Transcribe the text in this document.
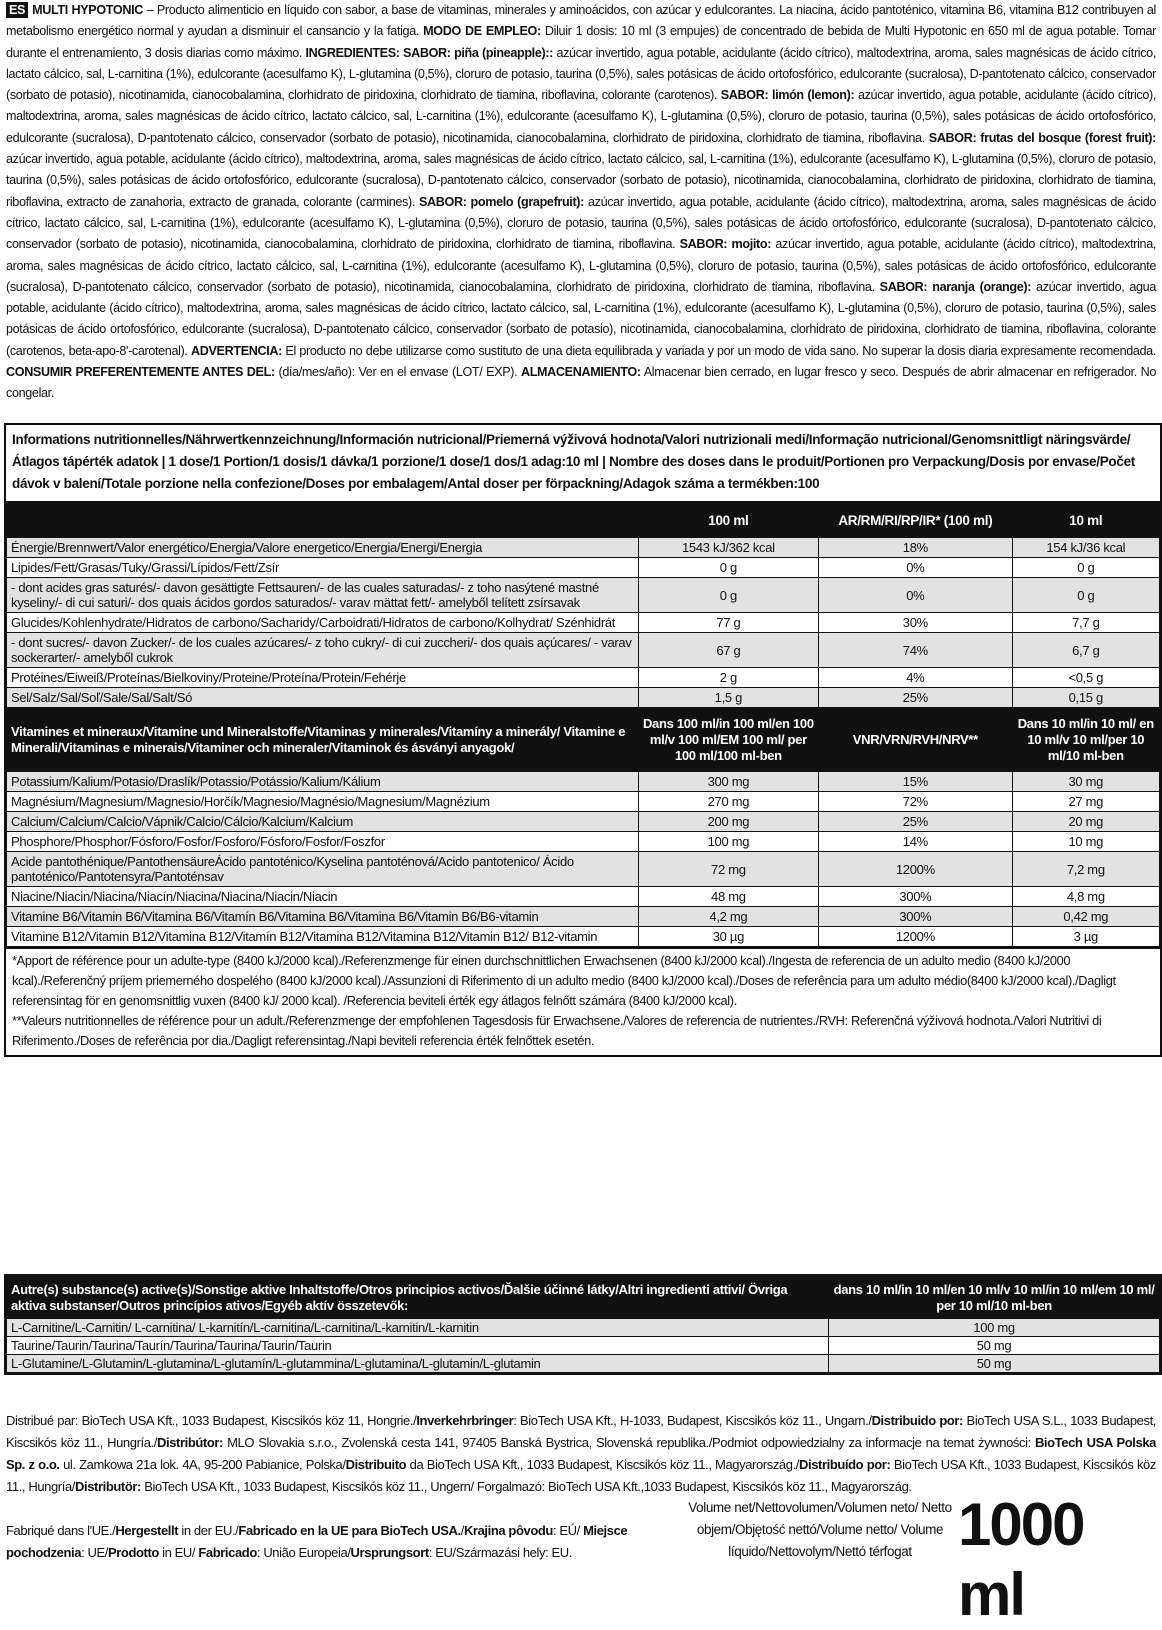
ES MULTI HYPOTONIC – Producto alimenticio en líquido con sabor, a base de vitaminas, minerales y aminoácidos, con azúcar y edulcorantes. La niacina, ácido pantoténico, vitamina B6, vitamina B12 contribuyen al metabolismo energético normal y ayudan a disminuir el cansancio y la fatiga. MODO DE EMPLEO: Diluir 1 dosis: 10 ml (3 empujes) de concentrado de bebida de Multi Hypotonic en 650 ml de agua potable. Tomar durante el entrenamiento, 3 dosis diarias como máximo. INGREDIENTES: SABOR: piña (pineapple):: azúcar invertido, agua potable, acidulante (ácido cítrico), maltodextrina, aroma, sales magnésicas de ácido cítrico, lactato cálcico, sal, L-carnitina (1%), edulcorante (acesulfamo K), L-glutamina (0,5%), cloruro de potasio, taurina (0,5%), sales potásicas de ácido ortofosfórico, edulcorante (sucralosa), D-pantotenato cálcico, conservador (sorbato de potasio), nicotinamida, cianocobalamina, clorhidrato de piridoxina, clorhidrato de tiamina, riboflavina, colorante (carotenos). SABOR: limón (lemon): azúcar invertido, agua potable, acidulante (ácido cítrico), maltodextrina, aroma, sales magnésicas de ácido cítrico, lactato cálcico, sal, L-carnitina (1%), edulcorante (acesulfamo K), L-glutamina (0,5%), cloruro de potasio, taurina (0,5%), sales potásicas de ácido ortofosfórico, edulcorante (sucralosa), D-pantotenato cálcico, conservador (sorbato de potasio), nicotinamida, cianocobalamina, clorhidrato de piridoxina, clorhidrato de tiamina, riboflavina. SABOR: frutas del bosque (forest fruit): azúcar invertido, agua potable, acidulante (ácido cítrico), maltodextrina, aroma, sales magnésicas de ácido cítrico, lactato cálcico, sal, L-carnitina (1%), edulcorante (acesulfamo K), L-glutamina (0,5%), cloruro de potasio, taurina (0,5%), sales potásicas de ácido ortofosfórico, edulcorante (sucralosa), D-pantotenato cálcico, conservador (sorbato de potasio), nicotinamida, cianocobalamina, clorhidrato de piridoxina, clorhidrato de tiamina, riboflavina, extracto de zanahoria, extracto de granada, colorante (carmines). SABOR: pomelo (grapefruit): azúcar invertido, agua potable, acidulante (ácido cítrico), maltodextrina, aroma, sales magnésicas de ácido cítrico, lactato cálcico, sal, L-carnitina (1%), edulcorante (acesulfamo K), L-glutamina (0,5%), cloruro de potasio, taurina (0,5%), sales potásicas de ácido ortofosfórico, edulcorante (sucralosa), D-pantotenato cálcico, conservador (sorbato de potasio), nicotinamida, cianocobalamina, clorhidrato de piridoxina, clorhidrato de tiamina, riboflavina. SABOR: mojito: azúcar invertido, agua potable, acidulante (ácido cítrico), maltodextrina, aroma, sales magnésicas de ácido cítrico, lactato cálcico, sal, L-carnitina (1%), edulcorante (acesulfamo K), L-glutamina (0,5%), cloruro de potasio, taurina (0,5%), sales potásicas de ácido ortofosfórico, edulcorante (sucralosa), D-pantotenato cálcico, conservador (sorbato de potasio), nicotinamida, cianocobalamina, clorhidrato de piridoxina, clorhidrato de tiamina, riboflavina. SABOR: naranja (orange): azúcar invertido, agua potable, acidulante (ácido cítrico), maltodextrina, aroma, sales magnésicas de ácido cítrico, lactato cálcico, sal, L-carnitina (1%), edulcorante (acesulfamo K), L-glutamina (0,5%), cloruro de potasio, taurina (0,5%), sales potásicas de ácido ortofosfórico, edulcorante (sucralosa), D-pantotenato cálcico, conservador (sorbato de potasio), nicotinamida, cianocobalamina, clorhidrato de piridoxina, clorhidrato de tiamina, riboflavina, colorante (carotenos, beta-apo-8'-carotenal). ADVERTENCIA: El producto no debe utilizarse como sustituto de una dieta equilibrada y variada y por un modo de vida sano. No superar la dosis diaria expresamente recomendada. CONSUMIR PREFERENTEMENTE ANTES DEL: (día/mes/año): Ver en el envase (LOT/ EXP). ALMACENAMIENTO: Almacenar bien cerrado, en lugar fresco y seco. Después de abrir almacenar en refrigerador. No congelar.
Informations nutritionnelles/Nährwertkennzeichnung/Información nutricional/Priemerná výživová hodnota/Valori nutrizionali medi/Informação nutricional/Genomsnittligt näringsvärde/Átlagos tápérték adatok | 1 dose/1 Portion/1 dosis/1 dávka/1 porzione/1 dose/1 dos/1 adag:10 ml | Nombre des doses dans le produit/Portionen pro Verpackung/Dosis por envase/Počet dávok v balení/Totale porzione nella confezione/Doses por embalagem/Antal doser per förpackning/Adagok száma a termékben:100
	100 ml	AR/RM/RI/RP/IR* (100 ml)	10 ml
Énergie/Brennwert/Valor energético/Energia/Valore energetico/Energia/Energi/Energia	1543 kJ/362 kcal	18%	154 kJ/36 kcal
Lipides/Fett/Grasas/Tuky/Grassi/Lípidos/Fett/Zsír	0 g	0%	0 g
- dont acides gras saturés/- davon gesättigte Fettsauren/- de las cuales saturadas/- z toho nasýtené mastné kyseliny/- di cui saturi/- dos quais ácidos gordos saturados/- varav mättat fett/- amelyből telített zsírsavak	0 g	0%	0 g
Glucides/Kohlenhydrate/Hidratos de carbono/Sacharidy/Carboidrati/Hidratos de carbono/Kolhydrat/ Szénhidrát	77 g	30%	7,7 g
- dont sucres/- davon Zucker/- de los cuales azúcares/- z toho cukry/- di cui zuccheri/- dos quais açúcares/ - varav sockerarter/- amelyből cukrok	67 g	74%	6,7 g
Protéines/Eiweiß/Proteínas/Bielkoviny/Proteine/Proteína/Protein/Fehérje	2 g	4%	<0,5 g
Sel/Salz/Sal/Soľ/Sale/Sal/Salt/Só	1,5 g	25%	0,15 g
Vitamines et mineraux/Vitamine und Mineralstoffe/Vitaminas y minerales/Vitamíny a minerály/ Vitamine e Minerali/Vitaminas e minerais/Vitaminer och mineraler/Vitaminok és ásványi anyagok/	Dans 100 ml/in 100 ml/en 100 ml/v 100 ml/EM 100 ml/ per 100 ml/100 ml-ben	VNR/VRN/RVH/NRV**	Dans 10 ml/in 10 ml/ en 10 ml/v 10 ml/per 10 ml/10 ml-ben
Potassium/Kalium/Potasio/Draslík/Potassio/Potássio/Kalium/Kálium	300 mg	15%	30 mg
Magnésium/Magnesium/Magnesio/Horčík/Magnesio/Magnésio/Magnesium/Magnézium	270 mg	72%	27 mg
Calcium/Calcium/Calcio/Vápnik/Calcio/Cálcio/Kalcium/Kalcium	200 mg	25%	20 mg
Phosphore/Phosphor/Fósforo/Fosfor/Fosforo/Fósforo/Fosfor/Foszfor	100 mg	14%	10 mg
Acide pantothénique/PantothensäureÁcido pantoténico/Kyselina pantoténová/Acido pantotenico/ Ácido pantoténico/Pantotensyra/Pantoténsav	72 mg	1200%	7,2 mg
Niacine/Niacin/Niacina/Niacín/Niacina/Niacina/Niacin/Niacin	48 mg	300%	4,8 mg
Vitamine B6/Vitamin B6/Vitamina B6/Vitamín B6/Vitamina B6/Vitamina B6/Vitamin B6/B6-vitamin	4,2 mg	300%	0,42 mg
Vitamine B12/Vitamin B12/Vitamina B12/Vitamín B12/Vitamina B12/Vitamina B12/Vitamin B12/ B12-vitamin	30 µg	1200%	3 µg
*Apport de référence pour un adulte-type (8400 kJ/2000 kcal)./Referenzmenge für einen durchschnittlichen Erwachsenen (8400 kJ/2000 kcal)./Ingesta de referencia de un adulto medio (8400 kJ/2000 kcal)./Referenčný príjem priemerného dospelého (8400 kJ/2000 kcal)./Assunzioni di Riferimento di un adulto medio (8400 kJ/2000 kcal)./Doses de referência para um adulto médio(8400 kJ/2000 kcal)./Dagligt referensintag för en genomsnittlig vuxen (8400 kJ/ 2000 kcal). /Referencia beviteli érték egy átlagos felnőtt számára (8400 kJ/2000 kcal).
**Valeurs nutritionnelles de référence pour un adult./Referenzmenge der empfohlenen Tagesdosis für Erwachsene./Valores de referencia de nutrientes./RVH: Referenčná výživová hodnota./Valori Nutritivi di Riferimento./Doses de referência por dia./Dagligt referensintag./Napi beviteli referencia érték felnőttek esetén.
Autre(s) substance(s) active(s)/Sonstige aktive Inhaltstoffe/Otros principios activos/Ďalšie účinné látky/Altri ingredienti attivi/ Övriga aktiva substanser/Outros princípios ativos/Egyéb aktív összetevők:	dans 10 ml/in 10 ml/en 10 ml/v 10 ml/in 10 ml/em 10 ml/ per 10 ml/10 ml-ben
L-Carnitine/L-Carnitin/ L-carnitina/ L-karnitín/L-carnitina/L-carnitina/L-karnitin/L-karnitin	100 mg
Taurine/Taurin/Taurina/Taurín/Taurina/Taurina/Taurin/Taurin	50 mg
L-Glutamine/L-Glutamin/L-glutamina/L-glutamín/L-glutammina/L-glutamina/L-glutamin/L-glutamin	50 mg
Distribué par: BioTech USA Kft., 1033 Budapest, Kiscsikós köz 11, Hongrie./Inverkehrbringer: BioTech USA Kft., H-1033, Budapest, Kiscsikós köz 11., Ungarn./Distribuido por: BioTech USA S.L., 1033 Budapest, Kiscsikós köz 11., Hungría./Distribútor: MLO Slovakia s.r.o., Zvolenská cesta 141, 97405 Banská Bystrica, Slovenská republika./Podmiot odpowiedzialny za informacje na temat żywności: BioTech USA Polska Sp. z o.o. ul. Zamkowa 21a lok. 4A, 95-200 Pabianice, Polska/Distribuito da BioTech USA Kft., 1033 Budapest, Kiscsikós köz 11., Magyarország./Distribuído por: BioTech USA Kft., 1033 Budapest, Kiscsikós köz 11., Hungría/Distributör: BioTech USA Kft., 1033 Budapest, Kiscsikós köz 11., Ungern/ Forgalmazó: BioTech USA Kft.,1033 Budapest, Kiscsikós köz 11., Magyarország.
Fabriqué dans l'UE./Hergestellt in der EU./Fabricado en la UE para BioTech USA./Krajina pôvodu: EÚ/ Miejsce pochodzenia: UE/Prodotto in EU/ Fabricado: União Europeia/Ursprungsort: EU/Származási hely: EU.
Volume net/Nettovolumen/Volumen neto/ Netto objem/Objętość nettó/Volume netto/ Volume líquido/Nettovolym/Nettó térfogat 1000 ml
